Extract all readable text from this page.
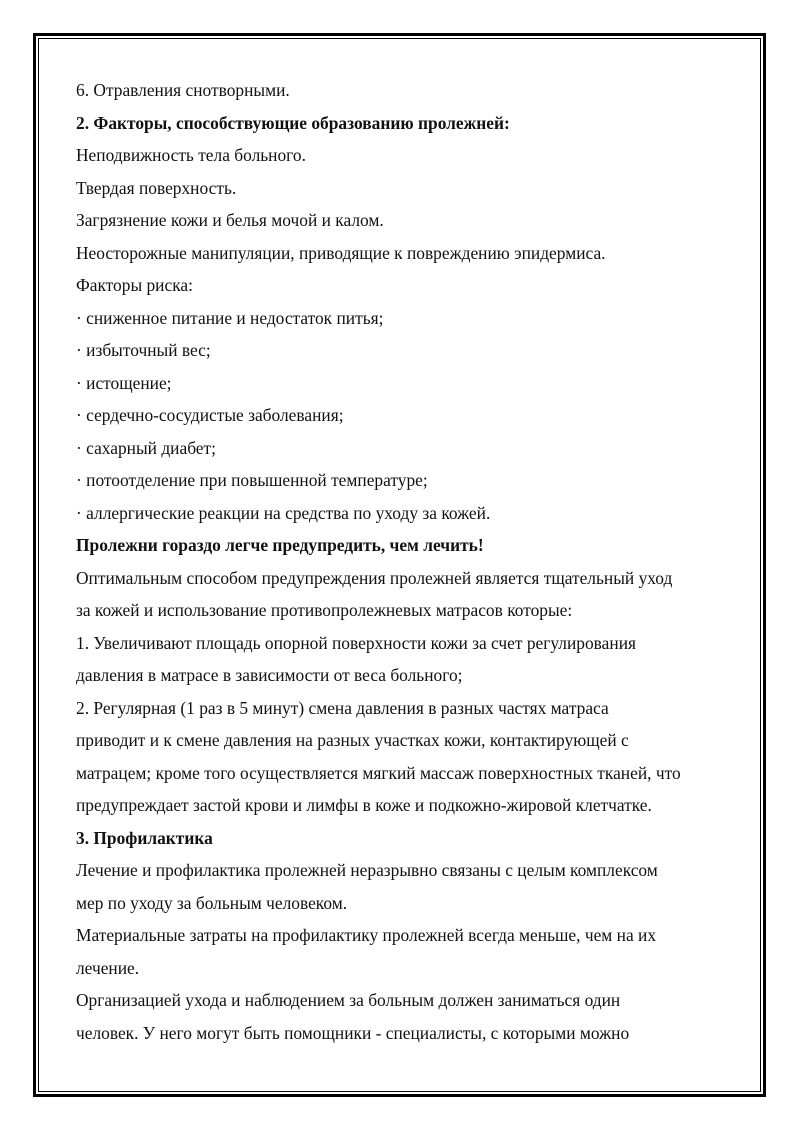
6. Отравления снотворными.
2. Факторы, способствующие образованию пролежней:
Неподвижность тела больного.
Твердая поверхность.
Загрязнение кожи и белья мочой и калом.
Неосторожные манипуляции, приводящие к повреждению эпидермиса.
Факторы риска:
· сниженное питание и недостаток питья;
· избыточный вес;
· истощение;
· сердечно-сосудистые заболевания;
· сахарный диабет;
· потоотделение при повышенной температуре;
· аллергические реакции на средства по уходу за кожей.
Пролежни гораздо легче предупредить, чем лечить!
Оптимальным способом предупреждения пролежней является тщательный уход
за кожей и использование противопролежневых матрасов которые:
1. Увеличивают площадь опорной поверхности кожи за счет регулирования
давления в матрасе в зависимости от веса больного;
2. Регулярная (1 раз в 5 минут) смена давления в разных частях матраса
приводит и к смене давления на разных участках кожи, контактирующей с
матрацем; кроме того осуществляется мягкий массаж поверхностных тканей, что
предупреждает застой крови и лимфы в коже и подкожно-жировой клетчатке.
3. Профилактика
Лечение и профилактика пролежней неразрывно связаны с целым комплексом
мер по уходу за больным человеком.
Материальные затраты на профилактику пролежней всегда меньше, чем на их
лечение.
Организацией ухода и наблюдением за больным должен заниматься один
человек. У него могут быть помощники - специалисты, с которыми можно
